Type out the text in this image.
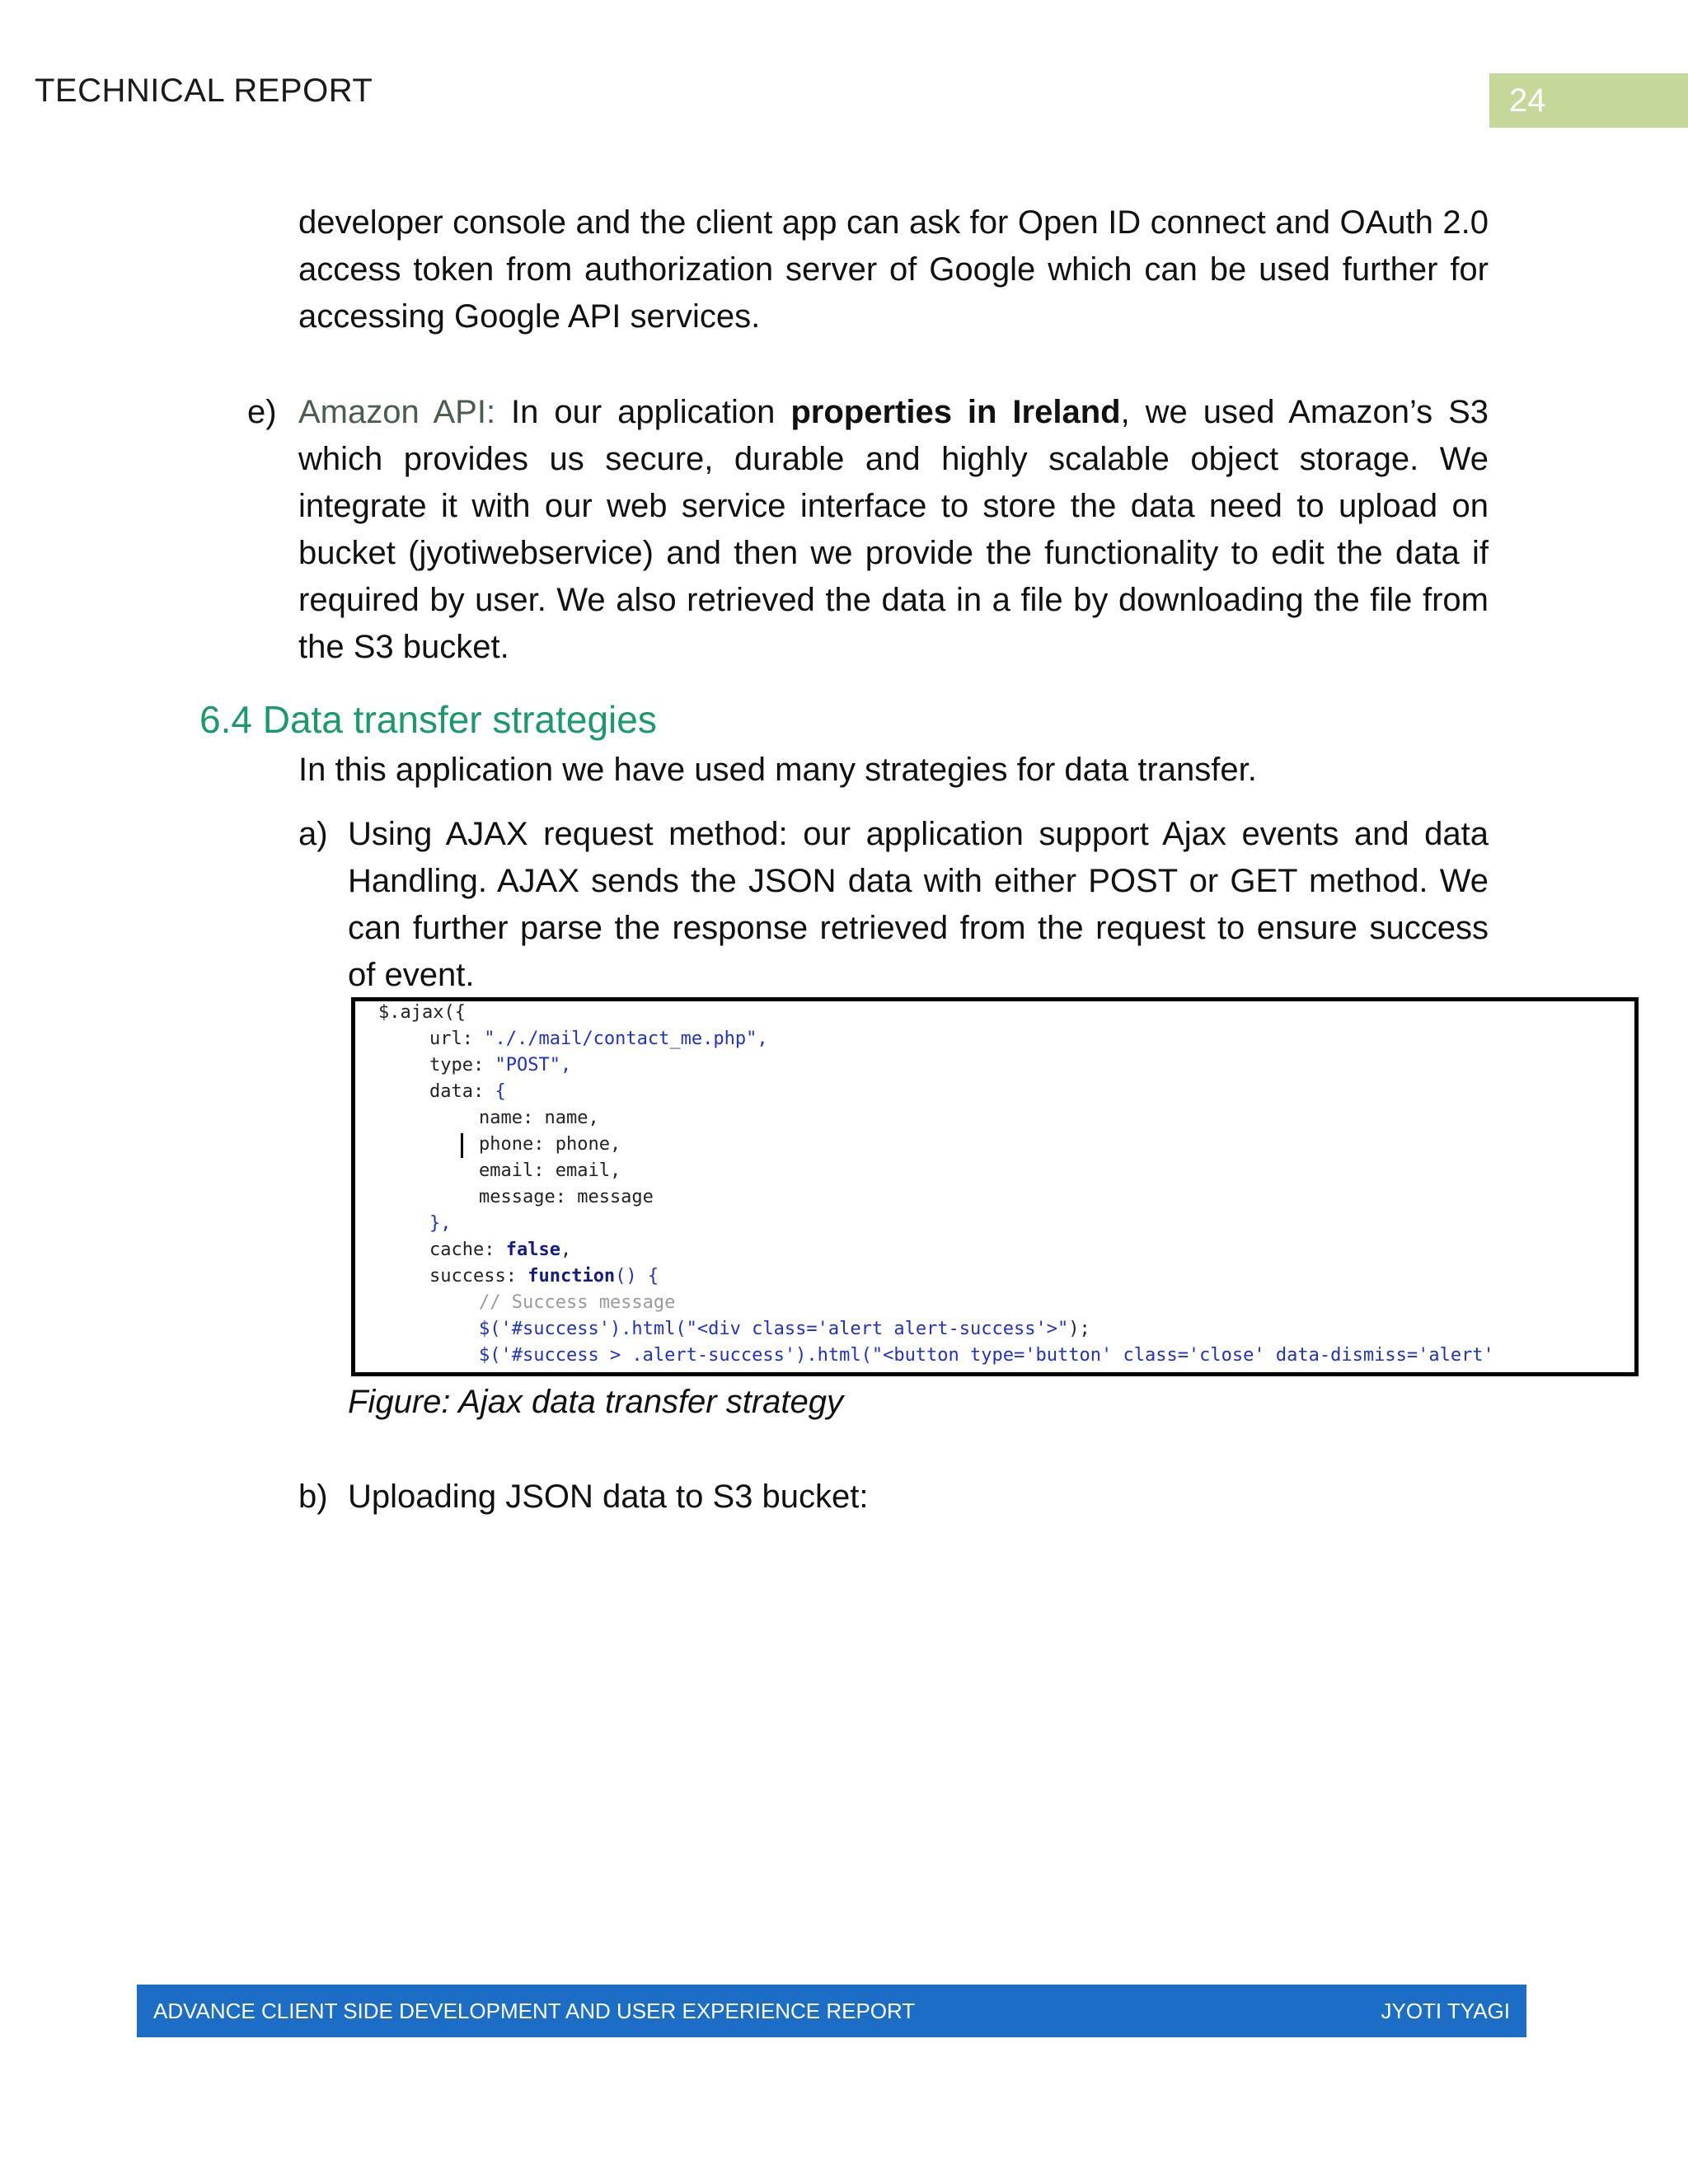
TECHNICAL REPORT	24
developer console and the client app can ask for Open ID connect and OAuth 2.0 access token from authorization server of Google which can be used further for accessing Google API services.
e) Amazon API: In our application properties in Ireland, we used Amazon’s S3 which provides us secure, durable and highly scalable object storage. We integrate it with our web service interface to store the data need to upload on bucket (jyotiwebservice) and then we provide the functionality to edit the data if required by user. We also retrieved the data in a file by downloading the file from the S3 bucket.
6.4 Data transfer strategies
In this application we have used many strategies for data transfer.
a) Using AJAX request method: our application support Ajax events and data Handling. AJAX sends the JSON data with either POST or GET method. We can further parse the response retrieved from the request to ensure success of event.
$.ajax({
url: "././mail/contact_me.php",
type: "POST",
data: {
name: name,
phone: phone,
email: email,
message: message
},
cache: false,
success: function() {
// Success message
$('#success').html("<div class='alert alert-success'>");
$('#success > .alert-success').html("<button type='button' class='close' data-dismiss='alert'
Figure: Ajax data transfer strategy
b) Uploading JSON data to S3 bucket:
ADVANCE CLIENT SIDE DEVELOPMENT AND USER EXPERIENCE REPORT	JYOTI TYAGI
